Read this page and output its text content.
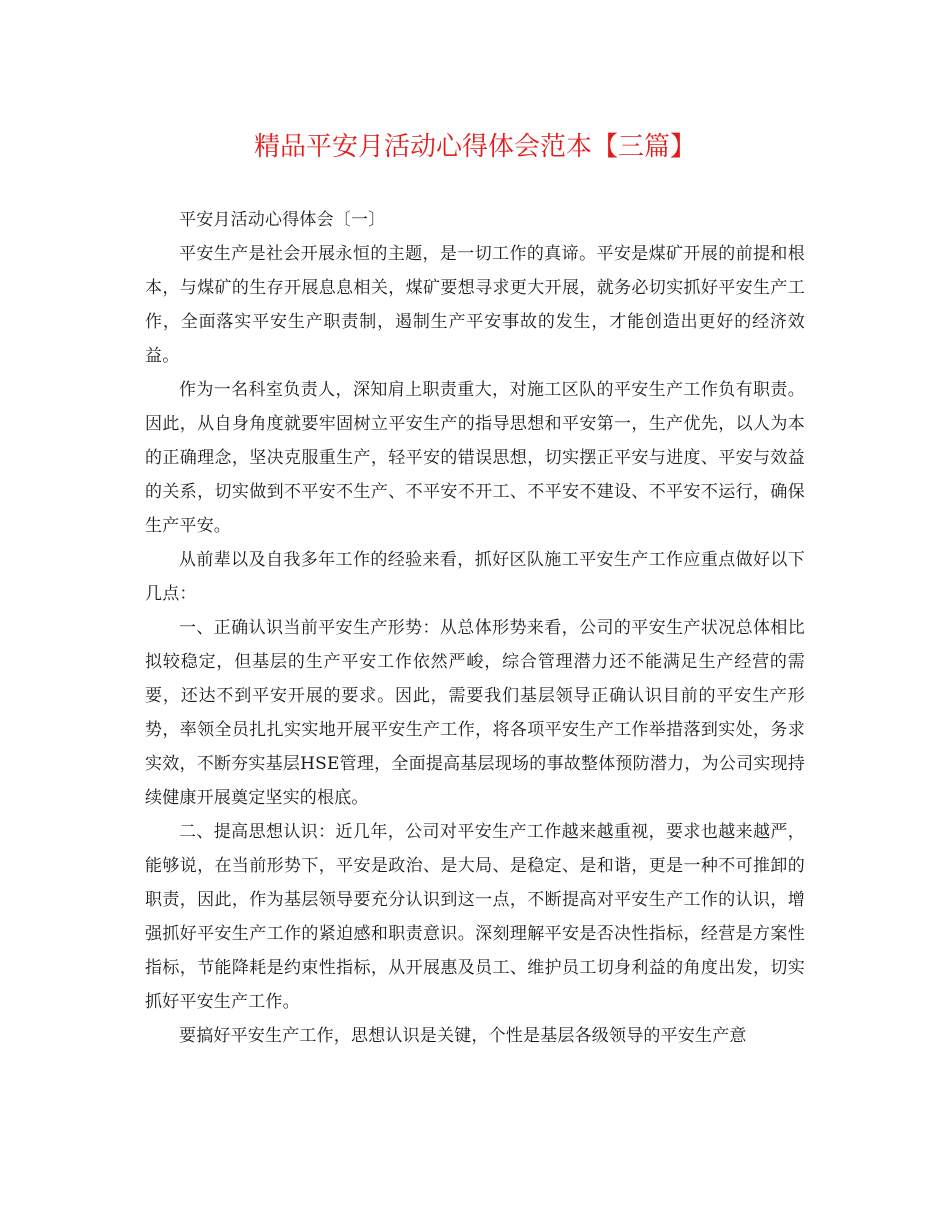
精品平安月活动心得体会范本【三篇】

平安月活动心得体会〔一〕

平安生产是社会开展永恒的主题，是一切工作的真谛。平安是煤矿开展的前提和根本，与煤矿的生存开展息息相关，煤矿要想寻求更大开展，就务必切实抓好平安生产工作，全面落实平安生产职责制，遏制生产平安事故的发生，才能创造出更好的经济效益。

作为一名科室负责人，深知肩上职责重大，对施工区队的平安生产工作负有职责。因此，从自身角度就要牢固树立平安生产的指导思想和平安第一，生产优先，以人为本的正确理念，坚决克服重生产，轻平安的错误思想，切实摆正平安与进度、平安与效益的关系，切实做到不平安不生产、不平安不开工、不平安不建设、不平安不运行，确保生产平安。

从前辈以及自我多年工作的经验来看，抓好区队施工平安生产工作应重点做好以下几点：

一、正确认识当前平安生产形势：从总体形势来看，公司的平安生产状况总体相比拟较稳定，但基层的生产平安工作依然严峻，综合管理潜力还不能满足生产经营的需要，还达不到平安开展的要求。因此，需要我们基层领导正确认识目前的平安生产形势，率领全员扎扎实实地开展平安生产工作，将各项平安生产工作举措落到实处，务求实效，不断夯实基层HSE管理，全面提高基层现场的事故整体预防潜力，为公司实现持续健康开展奠定坚实的根底。

二、提高思想认识：近几年，公司对平安生产工作越来越重视，要求也越来越严，能够说，在当前形势下，平安是政治、是大局、是稳定、是和谐，更是一种不可推卸的职责，因此，作为基层领导要充分认识到这一点，不断提高对平安生产工作的认识，增强抓好平安生产工作的紧迫感和职责意识。深刻理解平安是否决性指标，经营是方案性指标，节能降耗是约束性指标，从开展惠及员工、维护员工切身利益的角度出发，切实抓好平安生产工作。

要搞好平安生产工作，思想认识是关键，个性是基层各级领导的平安生产意
